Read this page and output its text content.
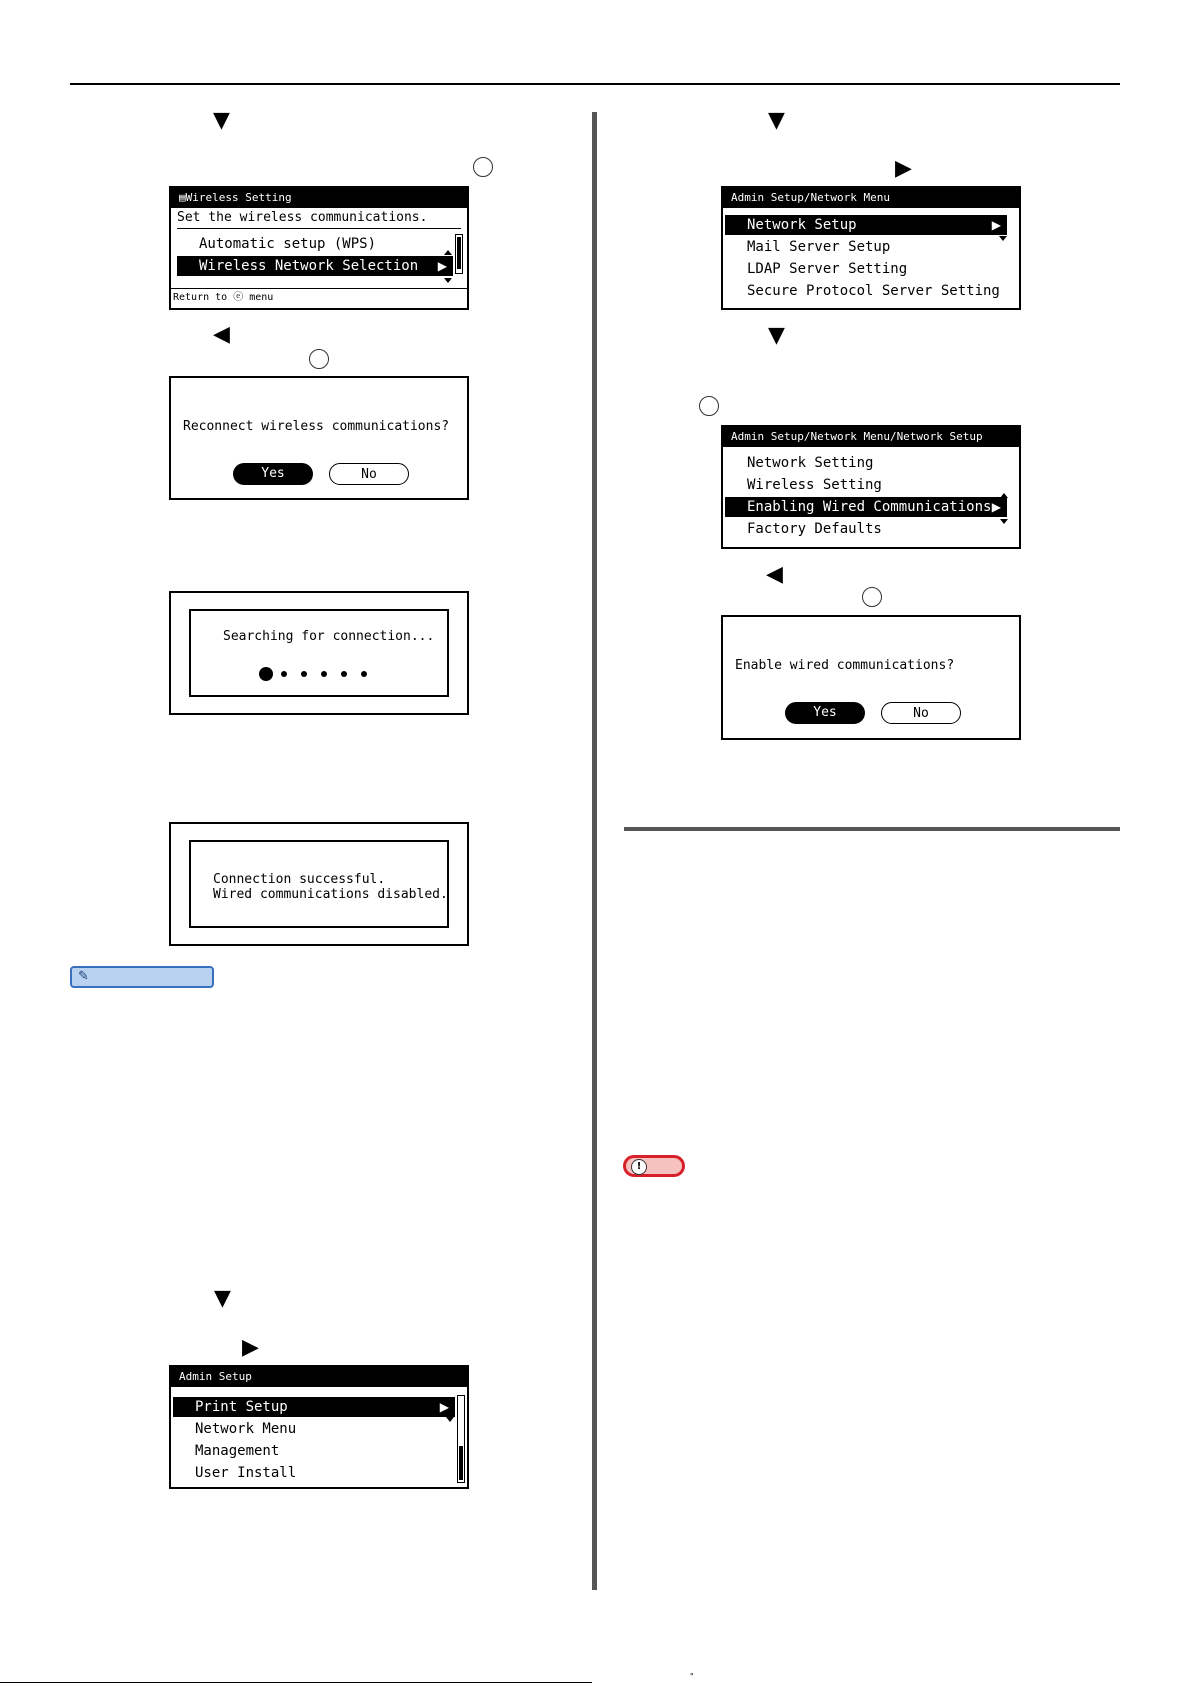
▼
▤Wireless Setting
Set the wireless communications.
Automatic setup (WPS)
Wireless Network Selection ▶
Return to ⓔ menu
◀
Reconnect wireless communications?
Yes	No
Searching for connection...
Connection successful.
Wired communications disabled.
✎
▼
▶
Admin Setup
Print Setup	▶
Network Menu
Management
User Install
▼
▶
Admin Setup/Network Menu
Network Setup	▶
Mail Server Setup
LDAP Server Setting
Secure Protocol Server Setting
▼
Admin Setup/Network Menu/Network Setup
Network Setting
Wireless Setting
Enabling Wired Communications ▶
Factory Defaults
◀
Enable wired communications?
Yes	No
!
"
